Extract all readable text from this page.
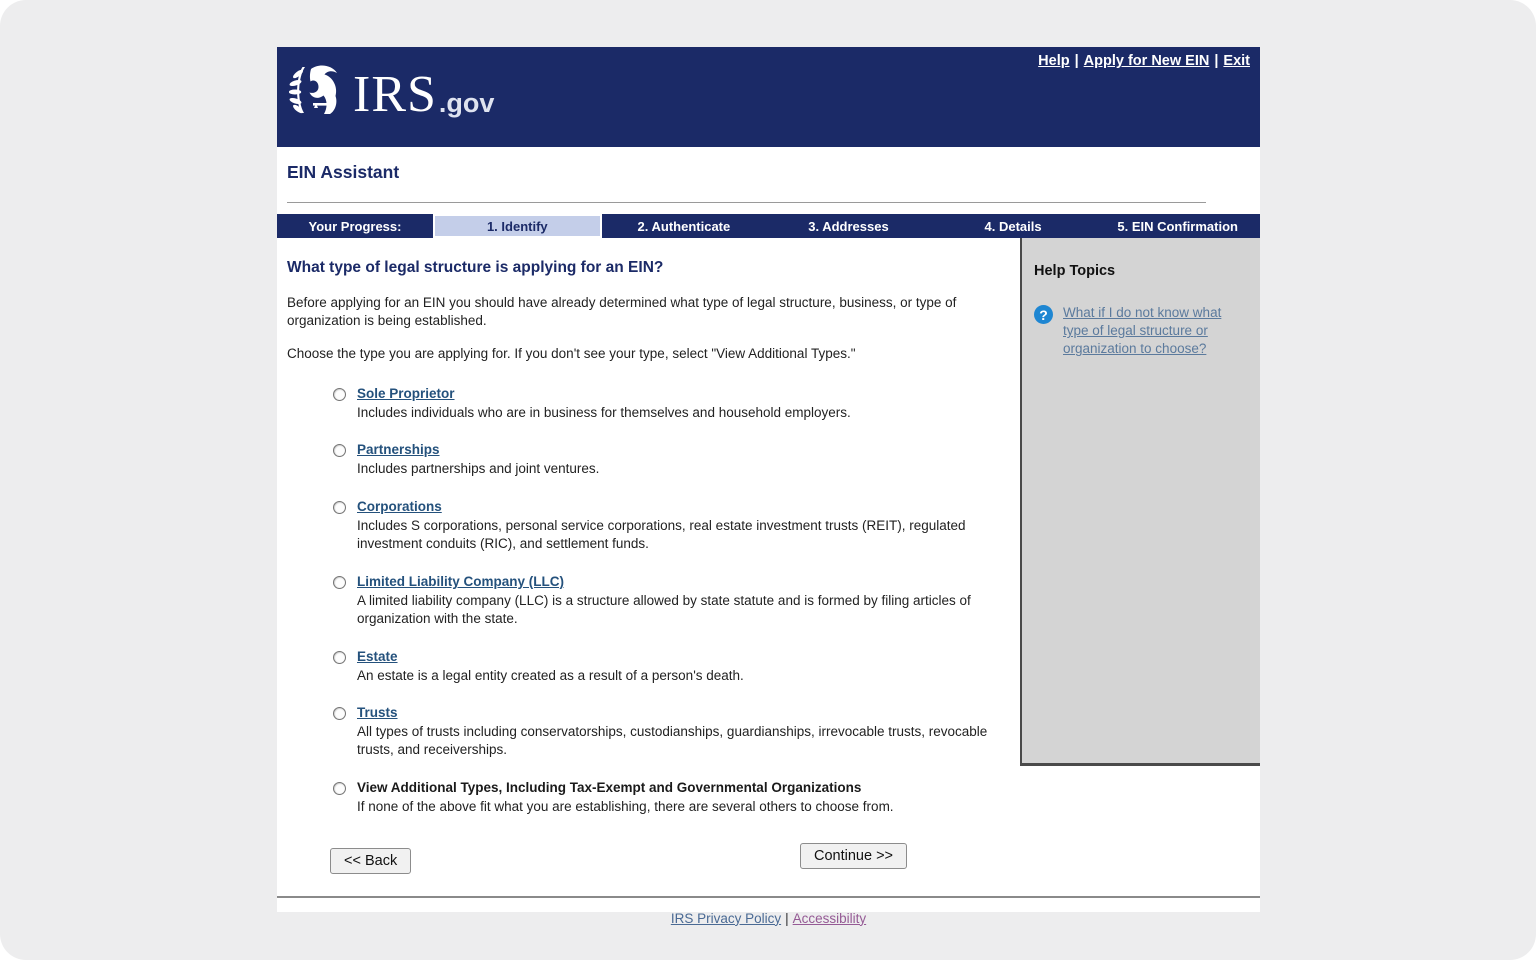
IRS .gov
Help | Apply for New EIN | Exit
EIN Assistant
Your Progress:	1. Identify	2. Authenticate	3. Addresses	4. Details	5. EIN Confirmation
What type of legal structure is applying for an EIN?

Before applying for an EIN you should have already determined what type of legal structure, business, or type of organization is being established.

Choose the type you are applying for. If you don't see your type, select "View Additional Types."

Sole Proprietor
Includes individuals who are in business for themselves and household employers.
Partnerships
Includes partnerships and joint ventures.
Corporations
Includes S corporations, personal service corporations, real estate investment trusts (REIT), regulated investment conduits (RIC), and settlement funds.
Limited Liability Company (LLC)
A limited liability company (LLC) is a structure allowed by state statute and is formed by filing articles of organization with the state.
Estate
An estate is a legal entity created as a result of a person's death.
Trusts
All types of trusts including conservatorships, custodianships, guardianships, irrevocable trusts, revocable trusts, and receiverships.
View Additional Types, Including Tax-Exempt and Governmental Organizations
If none of the above fit what you are establishing, there are several others to choose from.
<< Back	Continue >>
IRS Privacy Policy | Accessibility
Help Topics
?	What if I do not know what type of legal structure or organization to choose?
